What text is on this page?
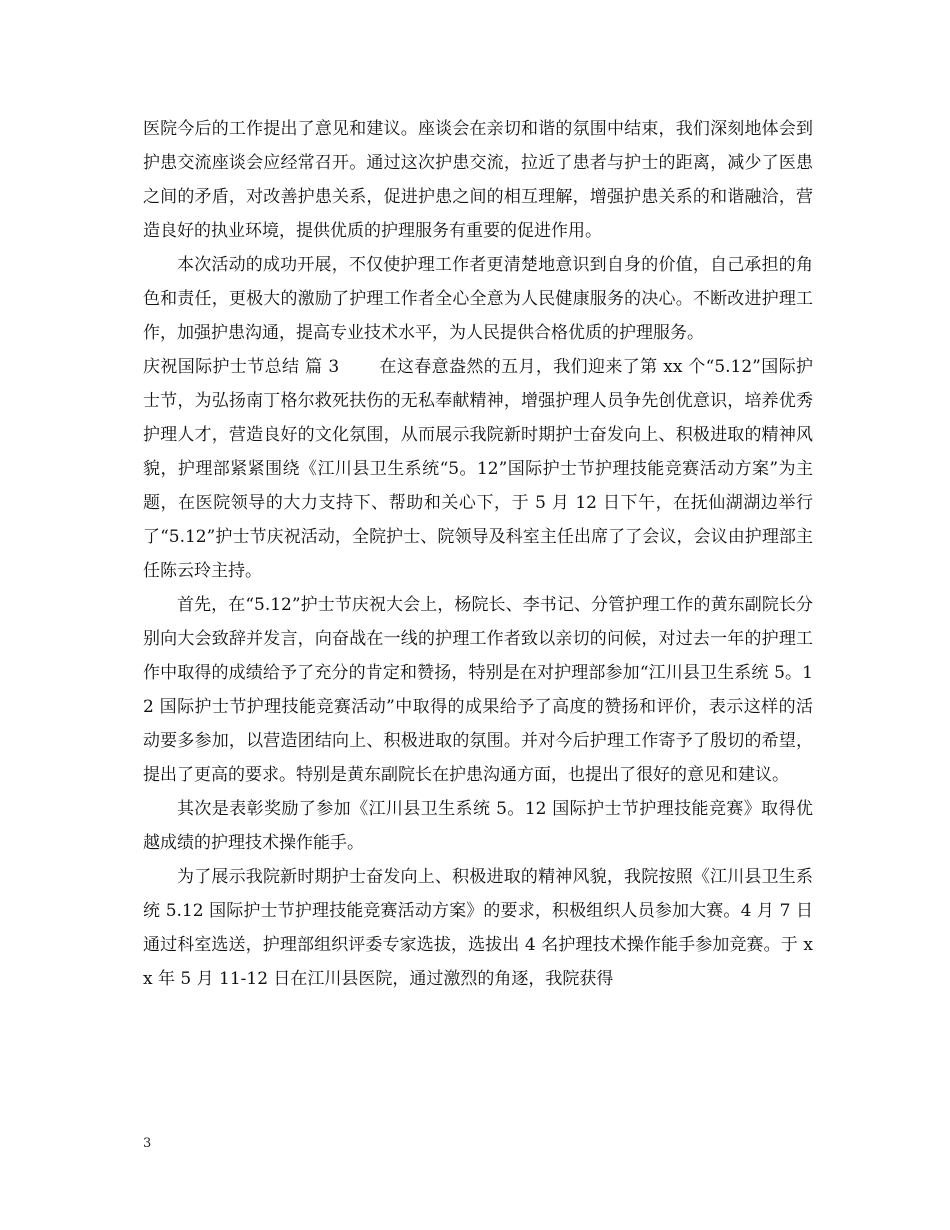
医院今后的工作提出了意见和建议。座谈会在亲切和谐的氛围中结束，我们深刻地体会到护患交流座谈会应经常召开。通过这次护患交流，拉近了患者与护士的距离，减少了医患之间的矛盾，对改善护患关系，促进护患之间的相互理解，增强护患关系的和谐融洽，营造良好的执业环境，提供优质的护理服务有重要的促进作用。

本次活动的成功开展，不仅使护理工作者更清楚地意识到自身的价值，自己承担的角色和责任，更极大的激励了护理工作者全心全意为人民健康服务的决心。不断改进护理工作，加强护患沟通，提高专业技术水平，为人民提供合格优质的护理服务。

庆祝国际护士节总结 篇 3 在这春意盎然的五月，我们迎来了第 xx 个“5.12”国际护士节，为弘扬南丁格尔救死扶伤的无私奉献精神，增强护理人员争先创优意识，培养优秀护理人才，营造良好的文化氛围，从而展示我院新时期护士奋发向上、积极进取的精神风貌，护理部紧紧围绕《江川县卫生系统“5。12”国际护士节护理技能竞赛活动方案”为主题，在医院领导的大力支持下、帮助和关心下，于 5 月 12 日下午，在抚仙湖湖边举行了“5.12”护士节庆祝活动，全院护士、院领导及科室主任出席了了会议，会议由护理部主任陈云玲主持。

首先，在“5.12”护士节庆祝大会上，杨院长、李书记、分管护理工作的黄东副院长分别向大会致辞并发言，向奋战在一线的护理工作者致以亲切的问候，对过去一年的护理工作中取得的成绩给予了充分的肯定和赞扬，特别是在对护理部参加“江川县卫生系统 5。12 国际护士节护理技能竞赛活动”中取得的成果给予了高度的赞扬和评价，表示这样的活动要多参加，以营造团结向上、积极进取的氛围。并对今后护理工作寄予了殷切的希望，提出了更高的要求。特别是黄东副院长在护患沟通方面，也提出了很好的意见和建议。

其次是表彰奖励了参加《江川县卫生系统 5。12 国际护士节护理技能竞赛》取得优越成绩的护理技术操作能手。

为了展示我院新时期护士奋发向上、积极进取的精神风貌，我院按照《江川县卫生系统 5.12 国际护士节护理技能竞赛活动方案》的要求，积极组织人员参加大赛。4 月 7 日通过科室选送，护理部组织评委专家选拔，选拔出 4 名护理技术操作能手参加竞赛。于 xx 年 5 月 11-12 日在江川县医院，通过激烈的角逐，我院获得

3
